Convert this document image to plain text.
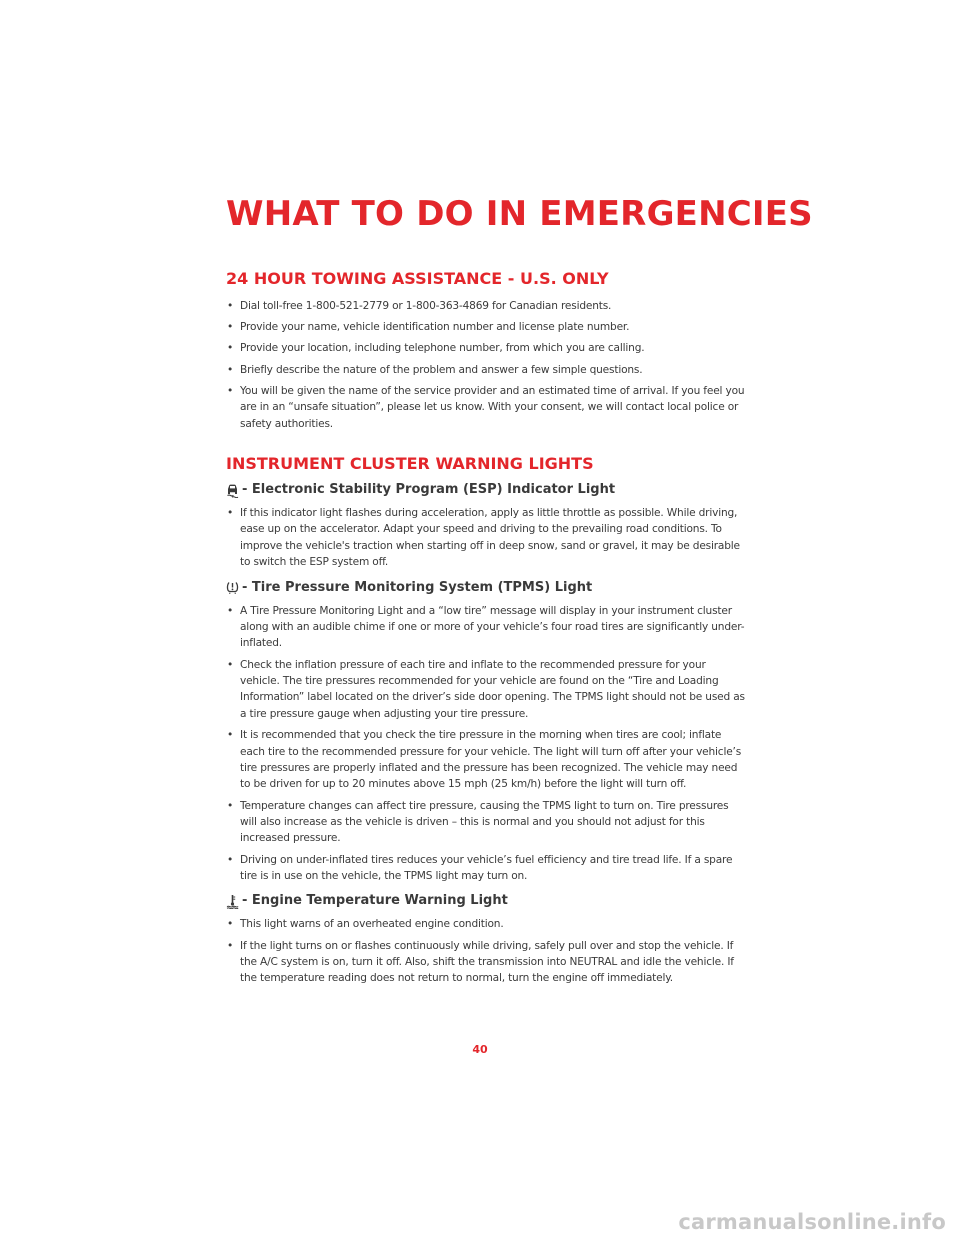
WHAT TO DO IN EMERGENCIES
24 HOUR TOWING ASSISTANCE - U.S. ONLY
• Dial toll-free 1-800-521-2779 or 1-800-363-4869 for Canadian residents.
• Provide your name, vehicle identification number and license plate number.
• Provide your location, including telephone number, from which you are calling.
• Briefly describe the nature of the problem and answer a few simple questions.
• You will be given the name of the service provider and an estimated time of arrival. If you feel you are in an “unsafe situation”, please let us know. With your consent, we will contact local police or safety authorities.
INSTRUMENT CLUSTER WARNING LIGHTS
- Electronic Stability Program (ESP) Indicator Light
• If this indicator light flashes during acceleration, apply as little throttle as possible. While driving, ease up on the accelerator. Adapt your speed and driving to the prevailing road conditions. To improve the vehicle's traction when starting off in deep snow, sand or gravel, it may be desirable to switch the ESP system off.
- Tire Pressure Monitoring System (TPMS) Light
• A Tire Pressure Monitoring Light and a “low tire” message will display in your instrument cluster along with an audible chime if one or more of your vehicle’s four road tires are significantly under-inflated.
• Check the inflation pressure of each tire and inflate to the recommended pressure for your vehicle. The tire pressures recommended for your vehicle are found on the “Tire and Loading Information” label located on the driver’s side door opening. The TPMS light should not be used as a tire pressure gauge when adjusting your tire pressure.
• It is recommended that you check the tire pressure in the morning when tires are cool; inflate each tire to the recommended pressure for your vehicle. The light will turn off after your vehicle’s tire pressures are properly inflated and the pressure has been recognized. The vehicle may need to be driven for up to 20 minutes above 15 mph (25 km/h) before the light will turn off.
• Temperature changes can affect tire pressure, causing the TPMS light to turn on. Tire pressures will also increase as the vehicle is driven – this is normal and you should not adjust for this increased pressure.
• Driving on under-inflated tires reduces your vehicle’s fuel efficiency and tire tread life. If a spare tire is in use on the vehicle, the TPMS light may turn on.
- Engine Temperature Warning Light
• This light warns of an overheated engine condition.
• If the light turns on or flashes continuously while driving, safely pull over and stop the vehicle. If the A/C system is on, turn it off. Also, shift the transmission into NEUTRAL and idle the vehicle. If the temperature reading does not return to normal, turn the engine off immediately.
40
carmanualsonline.info
